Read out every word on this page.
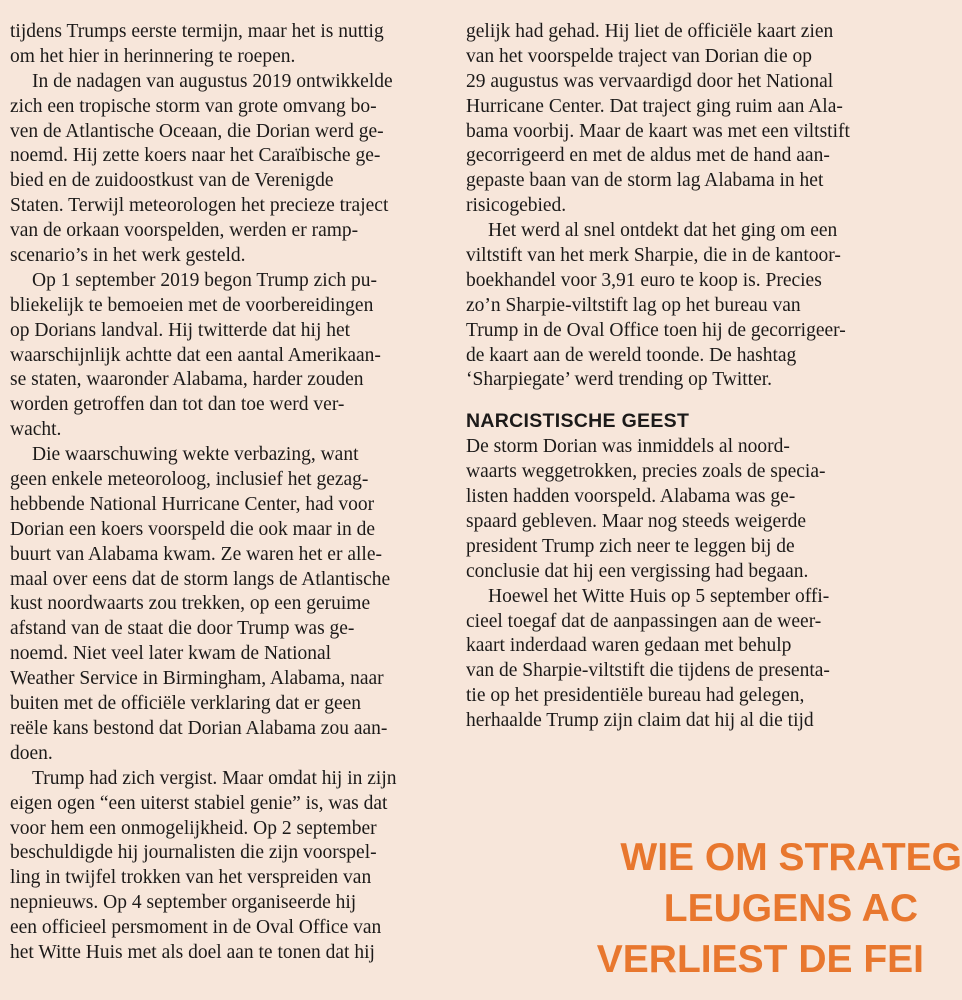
tijdens Trumps eerste termijn, maar het is nuttig
om het hier in herinnering te roepen.
In de nadagen van augustus 2019 ontwikkelde
zich een tropische storm van grote omvang bo-
ven de Atlantische Oceaan, die Dorian werd ge-
noemd. Hij zette koers naar het Caraïbische ge-
bied en de zuidoostkust van de Verenigde
Staten. Terwijl meteorologen het precieze traject
van de orkaan voorspelden, werden er ramp-
scenario’s in het werk gesteld.
Op 1 september 2019 begon Trump zich pu-
bliekelijk te bemoeien met de voorbereidingen
op Dorians landval. Hij twitterde dat hij het
waarschijnlijk achtte dat een aantal Amerikaan-
se staten, waaronder Alabama, harder zouden
worden getroffen dan tot dan toe werd ver-
wacht.
Die waarschuwing wekte verbazing, want
geen enkele meteoroloog, inclusief het gezag-
hebbende National Hurricane Center, had voor
Dorian een koers voorspeld die ook maar in de
buurt van Alabama kwam. Ze waren het er alle-
maal over eens dat de storm langs de Atlantische
kust noordwaarts zou trekken, op een geruime
afstand van de staat die door Trump was ge-
noemd. Niet veel later kwam de National
Weather Service in Birmingham, Alabama, naar
buiten met de officiële verklaring dat er geen
reële kans bestond dat Dorian Alabama zou aan-
doen.
Trump had zich vergist. Maar omdat hij in zijn
eigen ogen “een uiterst stabiel genie” is, was dat
voor hem een onmogelijkheid. Op 2 september
beschuldigde hij journalisten die zijn voorspel-
ling in twijfel trokken van het verspreiden van
nepnieuws. Op 4 september organiseerde hij
een officieel persmoment in de Oval Office van
het Witte Huis met als doel aan te tonen dat hij
gelijk had gehad. Hij liet de officiële kaart zien
van het voorspelde traject van Dorian die op
29 augustus was vervaardigd door het National
Hurricane Center. Dat traject ging ruim aan Ala-
bama voorbij. Maar de kaart was met een viltstift
gecorrigeerd en met de aldus met de hand aan-
gepaste baan van de storm lag Alabama in het
risicogebied.
Het werd al snel ontdekt dat het ging om een
viltstift van het merk Sharpie, die in de kantoor-
boekhandel voor 3,91 euro te koop is. Precies
zo’n Sharpie-viltstift lag op het bureau van
Trump in de Oval Office toen hij de gecorrigeer-
de kaart aan de wereld toonde. De hashtag
‘Sharpiegate’ werd trending op Twitter.
NARCISTISCHE GEEST
De storm Dorian was inmiddels al noord-
waarts weggetrokken, precies zoals de specia-
listen hadden voorspeld. Alabama was ge-
spaard gebleven. Maar nog steeds weigerde
president Trump zich neer te leggen bij de
conclusie dat hij een vergissing had begaan.
Hoewel het Witte Huis op 5 september offi-
cieel toegaf dat de aanpassingen aan de weer-
kaart inderdaad waren gedaan met behulp
van de Sharpie-viltstift die tijdens de presenta-
tie op het presidentiële bureau had gelegen,
herhaalde Trump zijn claim dat hij al die tijd
WIE OM STRATEG
LEUGENS AC
VERLIEST DE FEI
